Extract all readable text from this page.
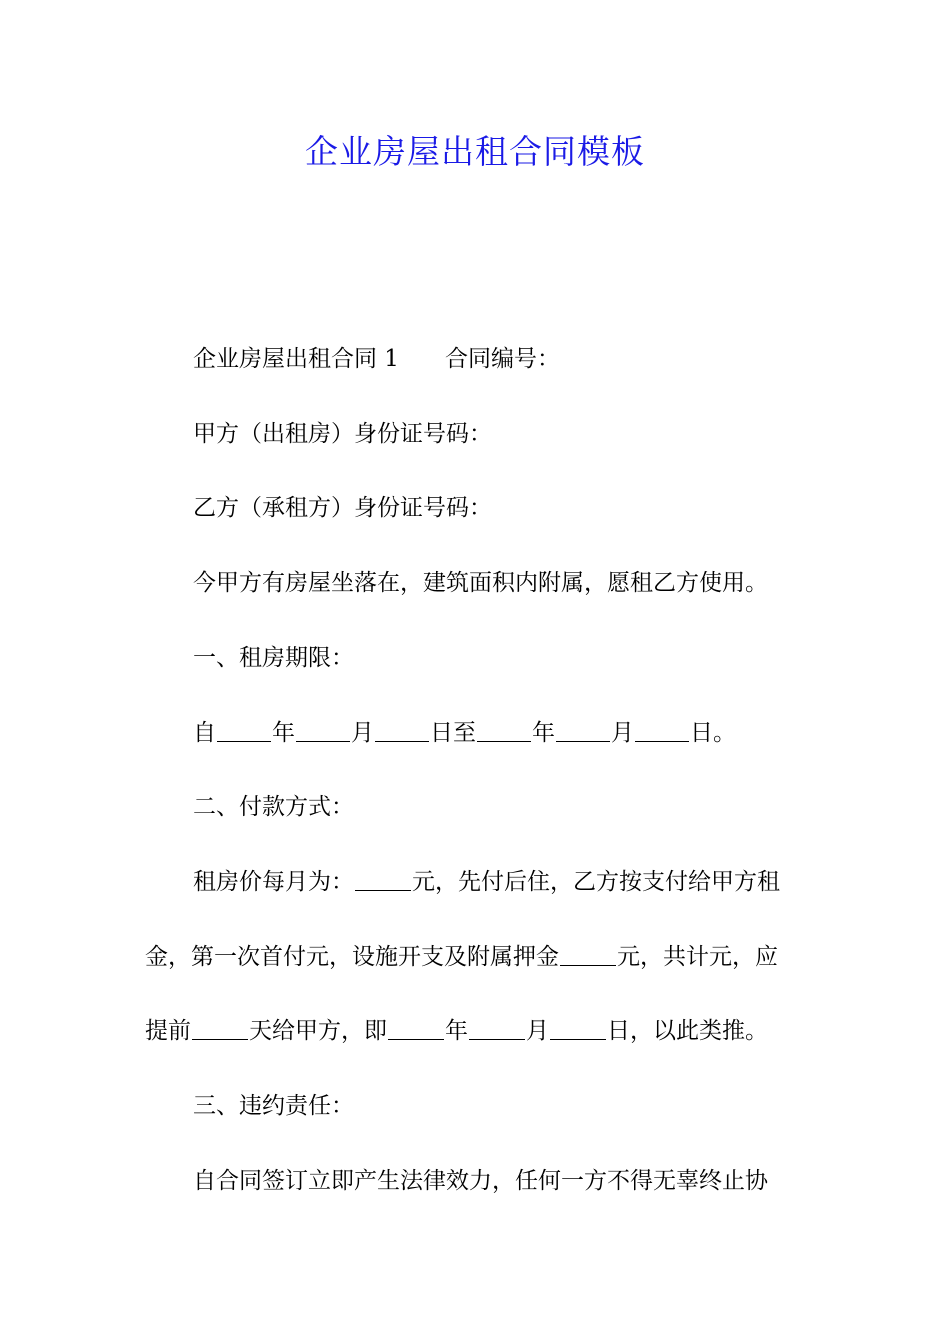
企业房屋出租合同模板

企业房屋出租合同 1 合同编号：

甲方（出租房）身份证号码：

乙方（承租方）身份证号码：

今甲方有房屋坐落在，建筑面积内附属，愿租乙方使用。

一、租房期限：

自 年 月 日至 年 月 日。

二、付款方式：

租房价每月为：	元，先付后住，乙方按支付给甲方租

金，第一次首付元，设施开支及附属押金	元，共计元，应

提前	天给甲方，即	年	月	日，以此类推。

三、违约责任：

自合同签订立即产生法律效力，任何一方不得无辜终止协
